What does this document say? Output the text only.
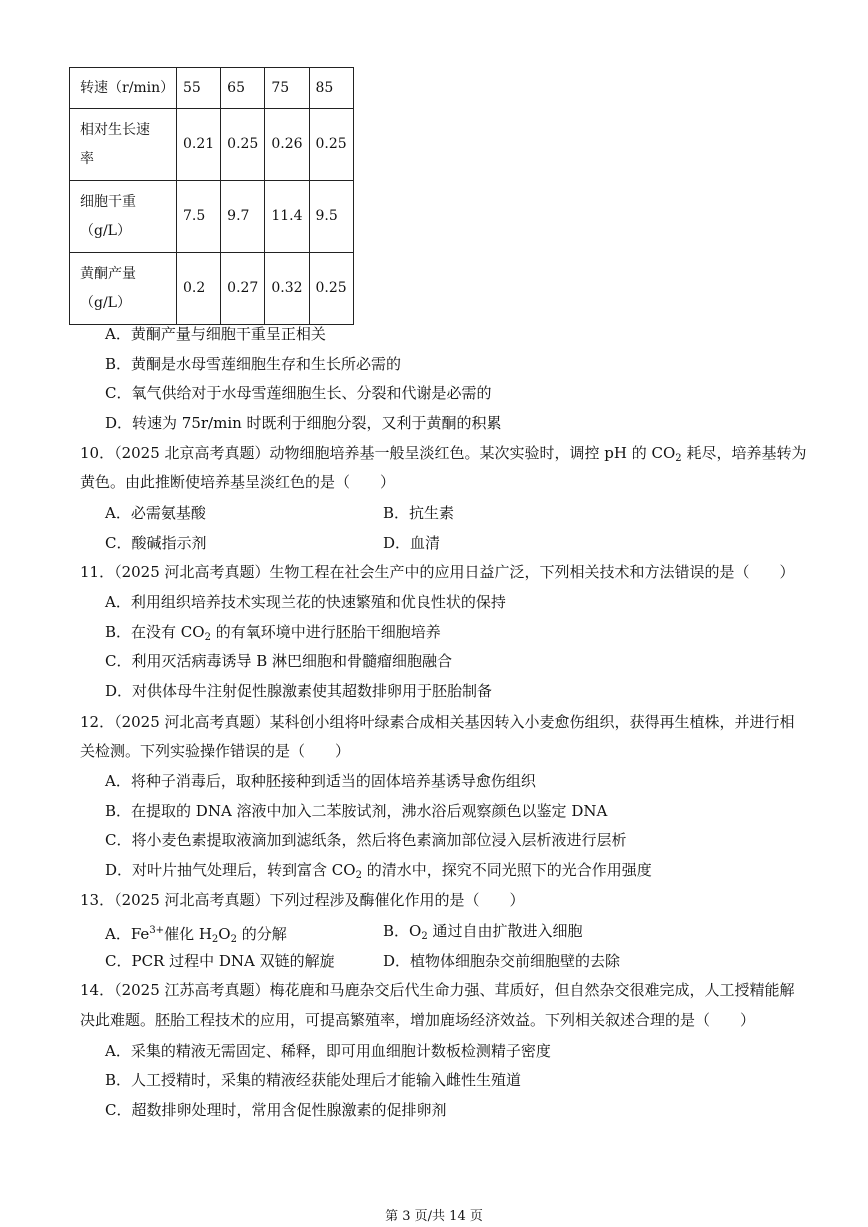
转速（r/min）	55	65	75	85
相对生长速
率	0.21	0.25	0.26	0.25
细胞干重
（g/L）	7.5	9.7	11.4	9.5
黄酮产量
（g/L）	0.2	0.27	0.32	0.25
A．黄酮产量与细胞干重呈正相关
B．黄酮是水母雪莲细胞生存和生长所必需的
C．氧气供给对于水母雪莲细胞生长、分裂和代谢是必需的
D．转速为 75r/min 时既利于细胞分裂，又利于黄酮的积累
10．（2025 北京高考真题）动物细胞培养基一般呈淡红色。某次实验时，调控 pH 的 $CO_2$ 耗尽，培养基转为
黄色。由此推断使培养基呈淡红色的是（　　）
A．必需氨基酸	B．抗生素
C．酸碱指示剂	D．血清
11．（2025 河北高考真题）生物工程在社会生产中的应用日益广泛，下列相关技术和方法错误的是（　　）
A．利用组织培养技术实现兰花的快速繁殖和优良性状的保持
B．在没有 $CO_2$ 的有氧环境中进行胚胎干细胞培养
C．利用灭活病毒诱导 B 淋巴细胞和骨髓瘤细胞融合
D．对供体母牛注射促性腺激素使其超数排卵用于胚胎制备
12．（2025 河北高考真题）某科创小组将叶绿素合成相关基因转入小麦愈伤组织，获得再生植株，并进行相
关检测。下列实验操作错误的是（　　）
A．将种子消毒后，取种胚接种到适当的固体培养基诱导愈伤组织
B．在提取的 DNA 溶液中加入二苯胺试剂，沸水浴后观察颜色以鉴定 DNA
C．将小麦色素提取液滴加到滤纸条，然后将色素滴加部位浸入层析液进行层析
D．对叶片抽气处理后，转到富含 $CO_2$ 的清水中，探究不同光照下的光合作用强度
13．（2025 河北高考真题）下列过程涉及酶催化作用的是（　　）
A．$Fe^{3+}$催化 $H_2O_2$ 的分解	B．$O_2$ 通过自由扩散进入细胞
C．PCR 过程中 DNA 双链的解旋	D．植物体细胞杂交前细胞壁的去除
14．（2025 江苏高考真题）梅花鹿和马鹿杂交后代生命力强、茸质好，但自然杂交很难完成，人工授精能解
决此难题。胚胎工程技术的应用，可提高繁殖率，增加鹿场经济效益。下列相关叙述合理的是（　　）
A．采集的精液无需固定、稀释，即可用血细胞计数板检测精子密度
B．人工授精时，采集的精液经获能处理后才能输入雌性生殖道
C．超数排卵处理时，常用含促性腺激素的促排卵剂
第 3 页/共 14 页
